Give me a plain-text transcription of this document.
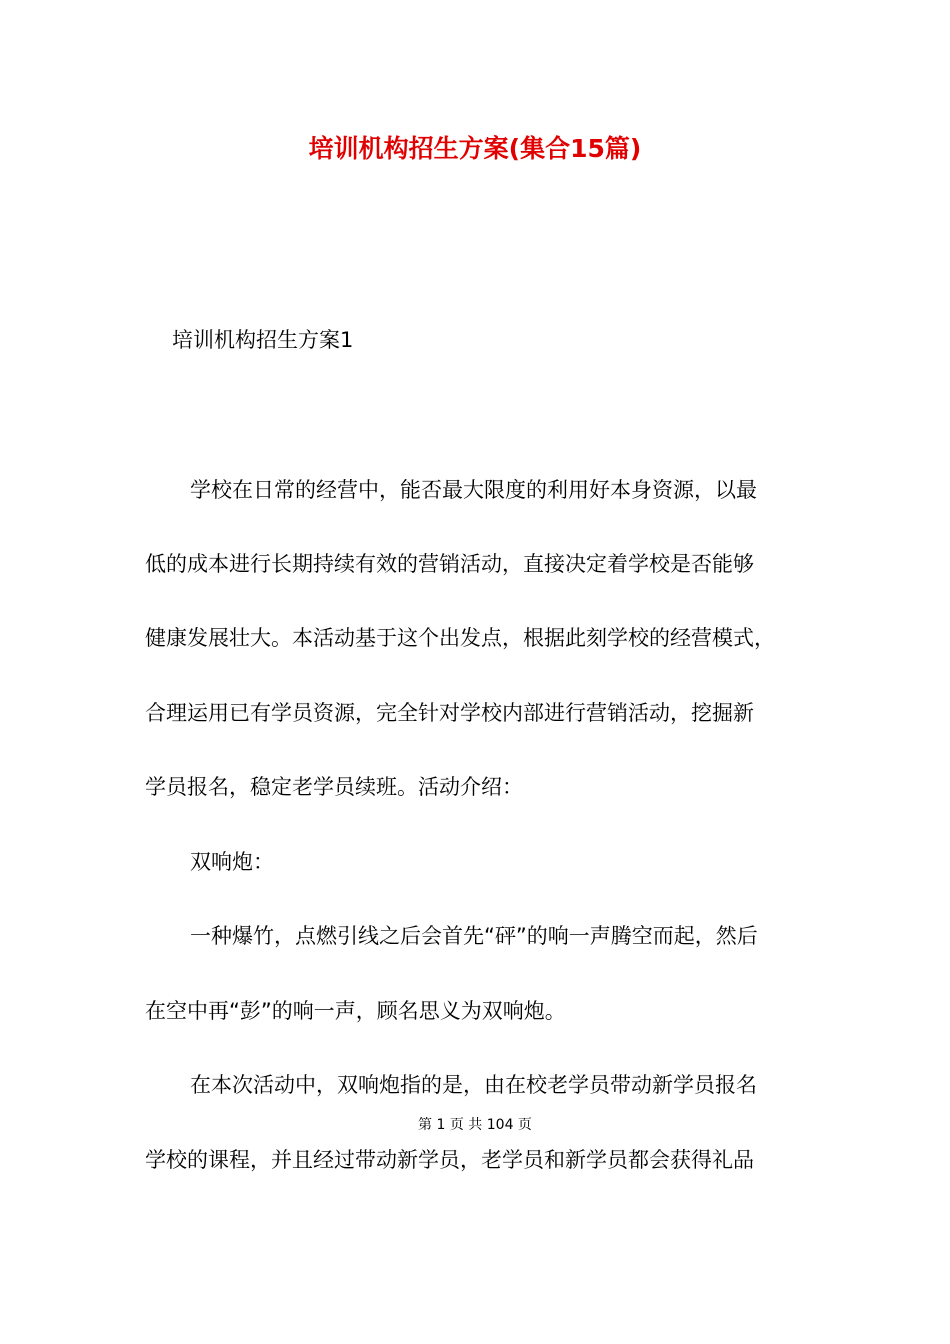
培训机构招生方案(集合15篇)
培训机构招生方案1
学校在日常的经营中，能否最大限度的利用好本身资源，以最
低的成本进行长期持续有效的营销活动，直接决定着学校是否能够
健康发展壮大。本活动基于这个出发点，根据此刻学校的经营模式，
合理运用已有学员资源，完全针对学校内部进行营销活动，挖掘新
学员报名，稳定老学员续班。活动介绍：
双响炮：
一种爆竹，点燃引线之后会首先“砰”的响一声腾空而起，然后
在空中再“彭”的响一声，顾名思义为双响炮。
在本次活动中，双响炮指的是，由在校老学员带动新学员报名
第 1 页 共 104 页
学校的课程，并且经过带动新学员，老学员和新学员都会获得礼品
